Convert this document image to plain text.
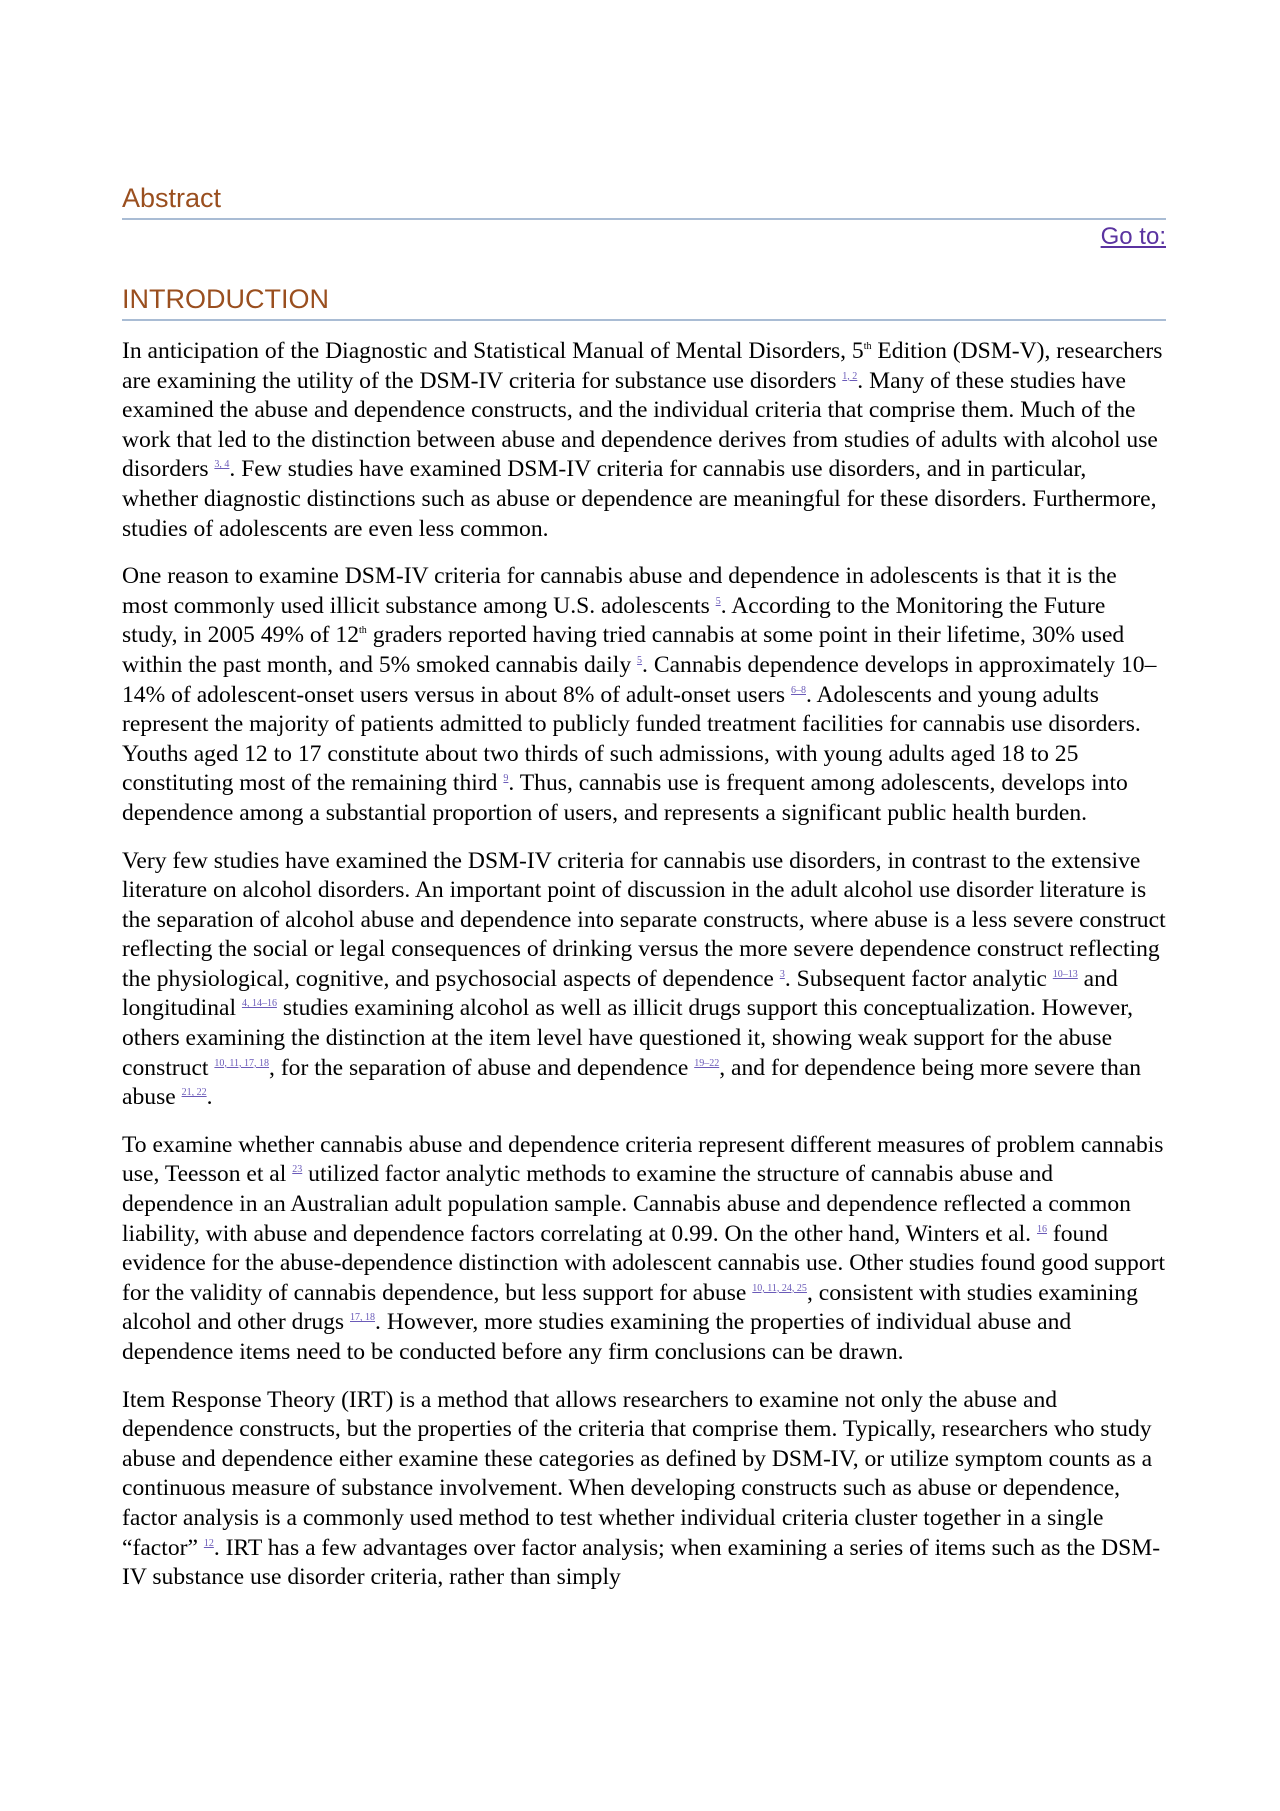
Abstract
Go to:
INTRODUCTION

In anticipation of the Diagnostic and Statistical Manual of Mental Disorders, 5th Edition (DSM-V), researchers are examining the utility of the DSM-IV criteria for substance use disorders $^{1, 2}$. Many of these studies have examined the abuse and dependence constructs, and the individual criteria that comprise them. Much of the work that led to the distinction between abuse and dependence derives from studies of adults with alcohol use disorders $^{3, 4}$. Few studies have examined DSM-IV criteria for cannabis use disorders, and in particular, whether diagnostic distinctions such as abuse or dependence are meaningful for these disorders. Furthermore, studies of adolescents are even less common.

One reason to examine DSM-IV criteria for cannabis abuse and dependence in adolescents is that it is the most commonly used illicit substance among U.S. adolescents $^5$. According to the Monitoring the Future study, in 2005 49% of 12th graders reported having tried cannabis at some point in their lifetime, 30% used within the past month, and 5% smoked cannabis daily $^5$. Cannabis dependence develops in approximately 10–14% of adolescent-onset users versus in about 8% of adult-onset users $^{6-8}$. Adolescents and young adults represent the majority of patients admitted to publicly funded treatment facilities for cannabis use disorders. Youths aged 12 to 17 constitute about two thirds of such admissions, with young adults aged 18 to 25 constituting most of the remaining third $^9$. Thus, cannabis use is frequent among adolescents, develops into dependence among a substantial proportion of users, and represents a significant public health burden.

Very few studies have examined the DSM-IV criteria for cannabis use disorders, in contrast to the extensive literature on alcohol disorders. An important point of discussion in the adult alcohol use disorder literature is the separation of alcohol abuse and dependence into separate constructs, where abuse is a less severe construct reflecting the social or legal consequences of drinking versus the more severe dependence construct reflecting the physiological, cognitive, and psychosocial aspects of dependence $^3$. Subsequent factor analytic $^{10-13}$ and longitudinal $^{4, 14-16}$ studies examining alcohol as well as illicit drugs support this conceptualization. However, others examining the distinction at the item level have questioned it, showing weak support for the abuse construct $^{10, 11, 17, 18}$, for the separation of abuse and dependence $^{19-22}$, and for dependence being more severe than abuse $^{21, 22}$.

To examine whether cannabis abuse and dependence criteria represent different measures of problem cannabis use, Teesson et al $^{23}$ utilized factor analytic methods to examine the structure of cannabis abuse and dependence in an Australian adult population sample. Cannabis abuse and dependence reflected a common liability, with abuse and dependence factors correlating at 0.99. On the other hand, Winters et al. $^{16}$ found evidence for the abuse-dependence distinction with adolescent cannabis use. Other studies found good support for the validity of cannabis dependence, but less support for abuse $^{10, 11, 24, 25}$, consistent with studies examining alcohol and other drugs $^{17, 18}$. However, more studies examining the properties of individual abuse and dependence items need to be conducted before any firm conclusions can be drawn.

Item Response Theory (IRT) is a method that allows researchers to examine not only the abuse and dependence constructs, but the properties of the criteria that comprise them. Typically, researchers who study abuse and dependence either examine these categories as defined by DSM-IV, or utilize symptom counts as a continuous measure of substance involvement. When developing constructs such as abuse or dependence, factor analysis is a commonly used method to test whether individual criteria cluster together in a single “factor” $^{12}$. IRT has a few advantages over factor analysis; when examining a series of items such as the DSM-IV substance use disorder criteria, rather than simply
